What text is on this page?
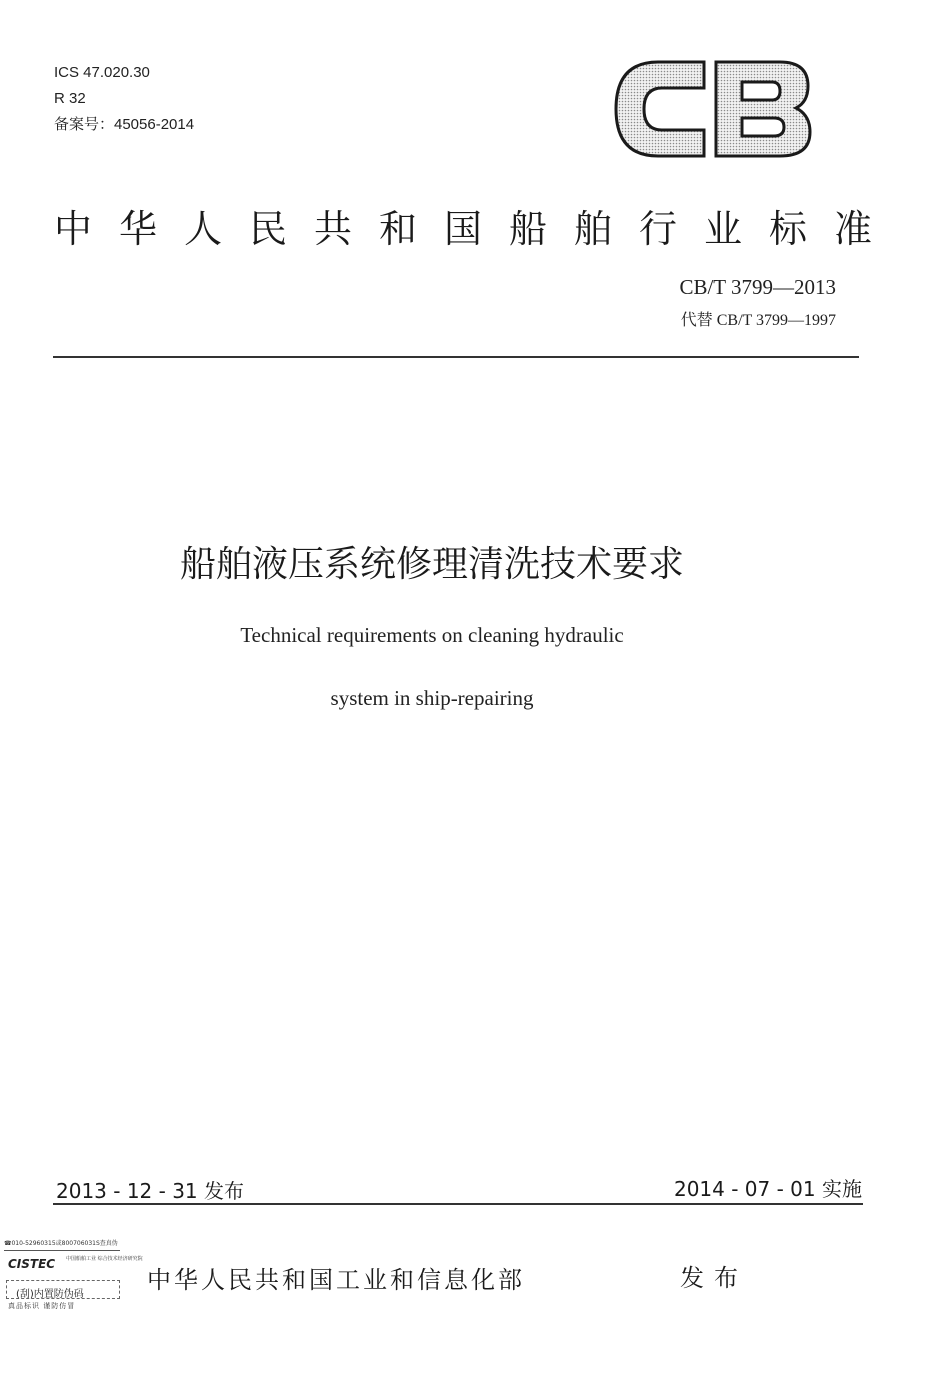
ICS 47.020.30
R 32
备案号：45056-2014
中华人民共和国船舶行业标准
CB/T 3799—2013
代替 CB/T 3799—1997
船舶液压系统修理清洗技术要求
Technical requirements on cleaning hydraulic
system in ship-repairing
2013 - 12 - 31 发布	2014 - 07 - 01 实施
中华人民共和国工业和信息化部	发布
☎010-52960315或800706031S查真伪
CISTEC 中国船舶工业 综合技术经济研究院
(刮)内置防伪码
真品标识 谨防仿冒
